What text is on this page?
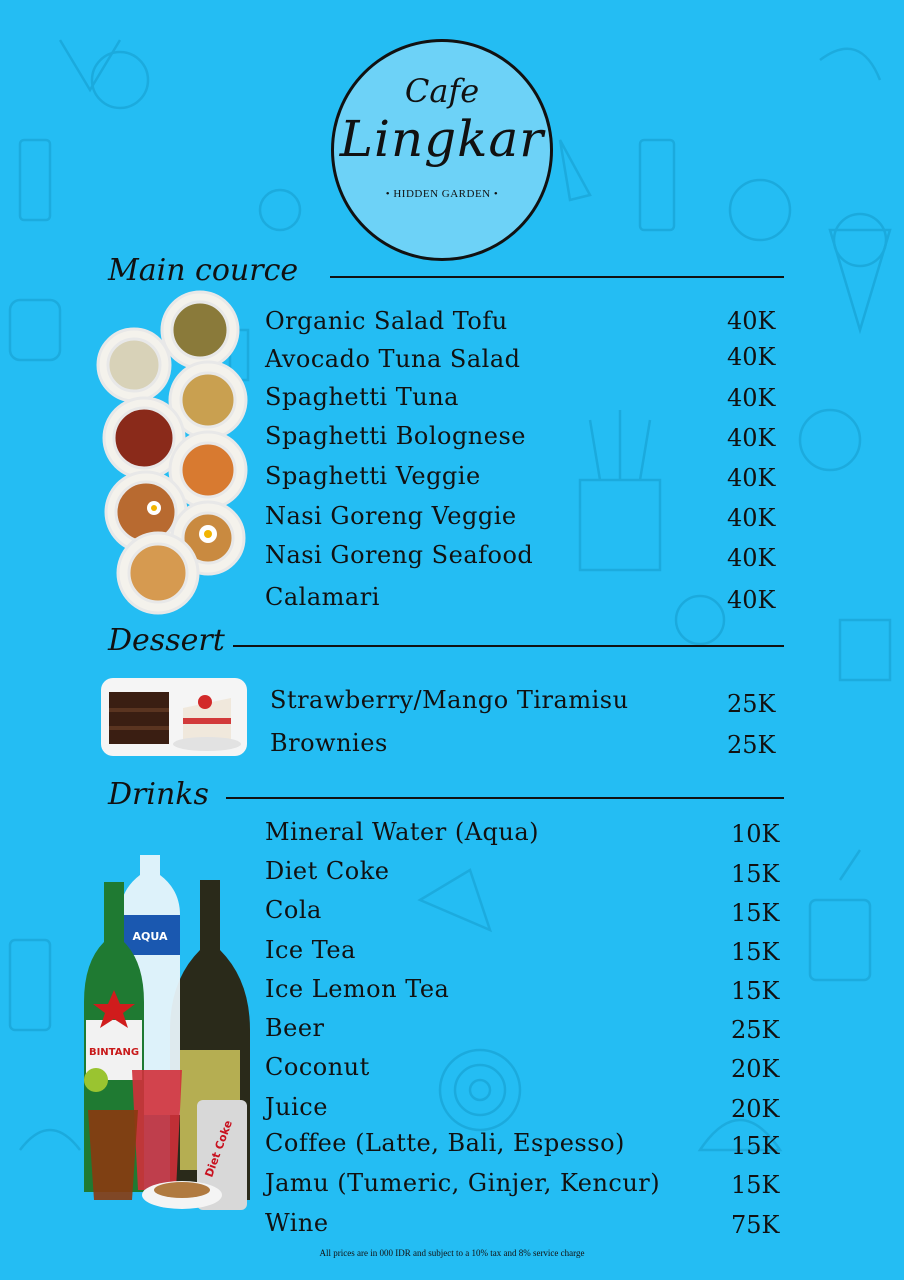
Cafe
Lingkar
• HIDDEN GARDEN •
Main cource
Organic Salad Tofu	40K
Avocado Tuna Salad	40K
Spaghetti Tuna	40K
Spaghetti Bolognese	40K
Spaghetti Veggie	40K
Nasi Goreng Veggie	40K
Nasi Goreng Seafood	40K
Calamari	40K
Dessert
Strawberry/Mango Tiramisu	25K
Brownies	25K
Drinks
AQUA
BINTANG
Diet Coke
Mineral Water (Aqua)	10K
Diet Coke	15K
Cola	15K
Ice Tea	15K
Ice Lemon Tea	15K
Beer	25K
Coconut	20K
Juice	20K
Coffee (Latte, Bali, Espesso)	15K
Jamu (Tumeric, Ginjer, Kencur)	15K
Wine	75K
All prices are in 000 IDR and subject to a 10% tax and 8% service charge
